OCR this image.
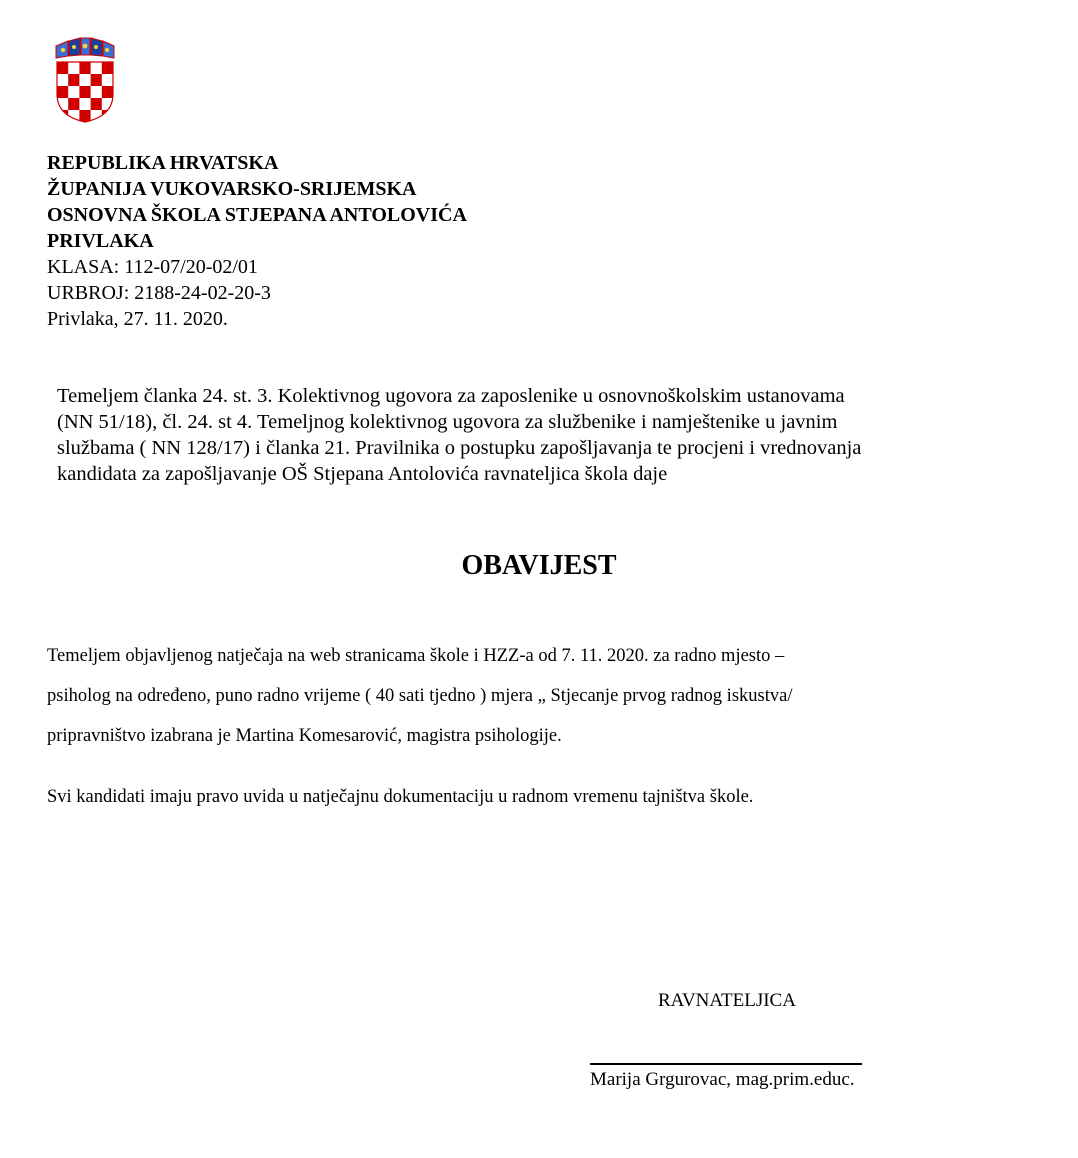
REPUBLIKA HRVATSKA
ŽUPANIJA VUKOVARSKO-SRIJEMSKA
OSNOVNA ŠKOLA STJEPANA ANTOLOVIĆA
PRIVLAKA
KLASA: 112-07/20-02/01
URBROJ: 2188-24-02-20-3
Privlaka, 27. 11. 2020.
Temeljem članka 24. st. 3. Kolektivnog ugovora za zaposlenike u osnovnoškolskim ustanovama
(NN 51/18), čl. 24. st 4. Temeljnog kolektivnog ugovora za službenike i namještenike u javnim
službama ( NN 128/17) i članka 21. Pravilnika o postupku zapošljavanja te procjeni i vrednovanja
kandidata za zapošljavanje OŠ Stjepana Antolovića ravnateljica škola daje
OBAVIJEST
Temeljem objavljenog natječaja na web stranicama škole i HZZ-a od 7. 11. 2020. za radno mjesto –
psiholog na određeno, puno radno vrijeme ( 40 sati tjedno ) mjera „ Stjecanje prvog radnog iskustva/
pripravništvo izabrana je Martina Komesarović, magistra psihologije.
Svi kandidati imaju pravo uvida u natječajnu dokumentaciju u radnom vremenu tajništva škole.
RAVNATELJICA
Marija Grgurovac, mag.prim.educ.
